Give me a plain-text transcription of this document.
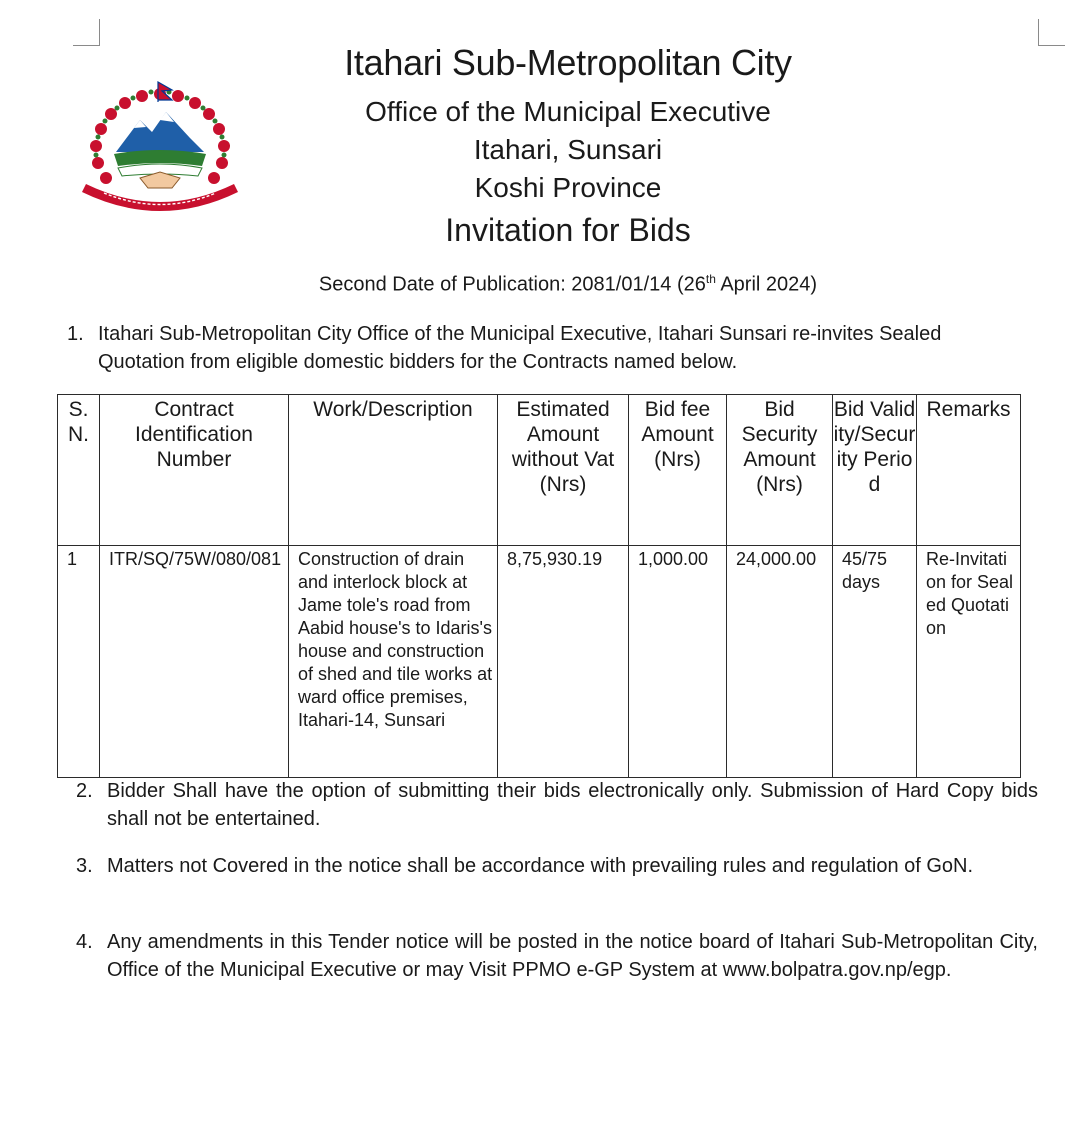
Itahari Sub-Metropolitan City
Office of the Municipal Executive
Itahari, Sunsari
Koshi Province
Invitation for Bids
Second Date of Publication: 2081/01/14 (26th April 2024)
1. Itahari Sub-Metropolitan City Office of the Municipal Executive, Itahari Sunsari re-invites Sealed Quotation from eligible domestic bidders for the Contracts named below.
S. N.	Contract Identification Number	Work/Description	Estimated Amount without Vat (Nrs)	Bid fee Amount (Nrs)	Bid Security Amount (Nrs)	Bid Validity/Security Period	Remarks
1	ITR/SQ/75W/080/081	Construction of drain and interlock block at Jame tole's road from Aabid house's to Idaris's house and construction of shed and tile works at ward office premises, Itahari-14, Sunsari	8,75,930.19	1,000.00	24,000.00	45/75 days	Re-Invitation for Sealed Quotation
2. Bidder Shall have the option of submitting their bids electronically only. Submission of Hard Copy bids shall not be entertained.
3. Matters not Covered in the notice shall be accordance with prevailing rules and regulation of GoN.
4. Any amendments in this Tender notice will be posted in the notice board of Itahari Sub-Metropolitan City, Office of the Municipal Executive or may Visit PPMO e-GP System at www.bolpatra.gov.np/egp.
